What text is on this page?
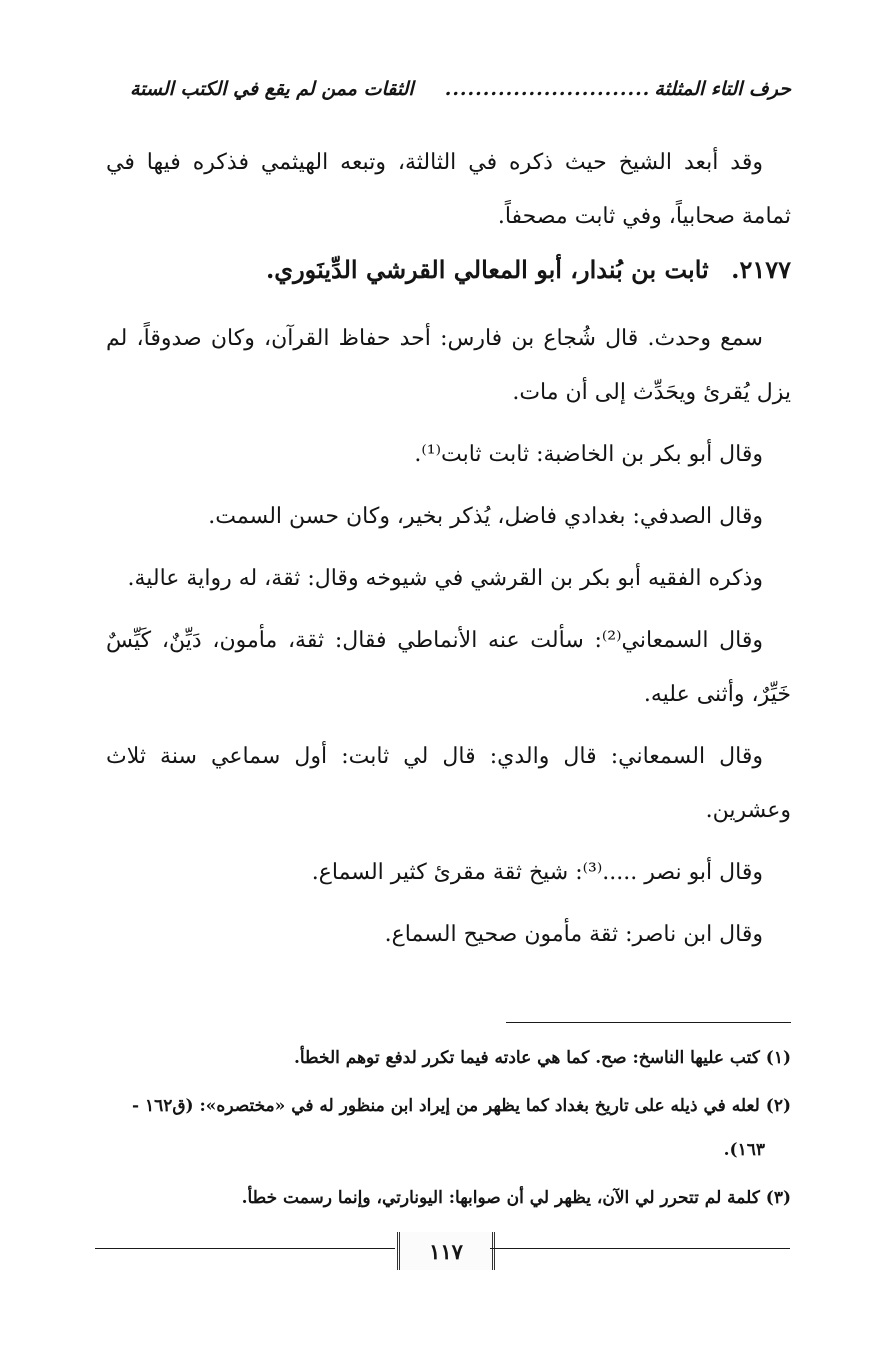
حرف التاء المثلثة
...........................
الثقات ممن لم يقع في الكتب الستة

وقد أبعد الشيخ حيث ذكره في الثالثة، وتبعه الهيثمي فذكره فيها في ثمامة صحابياً، وفي ثابت مصحفاً.

٢١٧٧. ثابت بن بُندار، أبو المعالي القرشي الدِّينَوري.

سمع وحدث. قال شُجاع بن فارس: أحد حفاظ القرآن، وكان صدوقاً، لم يزل يُقرئ ويحَدِّث إلى أن مات.

وقال أبو بكر بن الخاضبة: ثابت ثابت⁽¹⁾.

وقال الصدفي: بغدادي فاضل، يُذكر بخير، وكان حسن السمت.

وذكره الفقيه أبو بكر بن القرشي في شيوخه وقال: ثقة، له رواية عالية.

وقال السمعاني⁽²⁾: سألت عنه الأنماطي فقال: ثقة، مأمون، دَيِّنٌ، كَيِّسٌ خَيِّرٌ، وأثنى عليه.

وقال السمعاني: قال والدي: قال لي ثابت: أول سماعي سنة ثلاث وعشرين.

وقال أبو نصر .....⁽³⁾: شيخ ثقة مقرئ كثير السماع.

وقال ابن ناصر: ثقة مأمون صحيح السماع.

(١) كتب عليها الناسخ: صح. كما هي عادته فيما تكرر لدفع توهم الخطأ.

(٢) لعله في ذيله على تاريخ بغداد كما يظهر من إيراد ابن منظور له في «مختصره»: (ق١٦٢ -

١٦٣).

(٣) كلمة لم تتحرر لي الآن، يظهر لي أن صوابها: اليونارتي، وإنما رسمت خطأ.

١١٧
